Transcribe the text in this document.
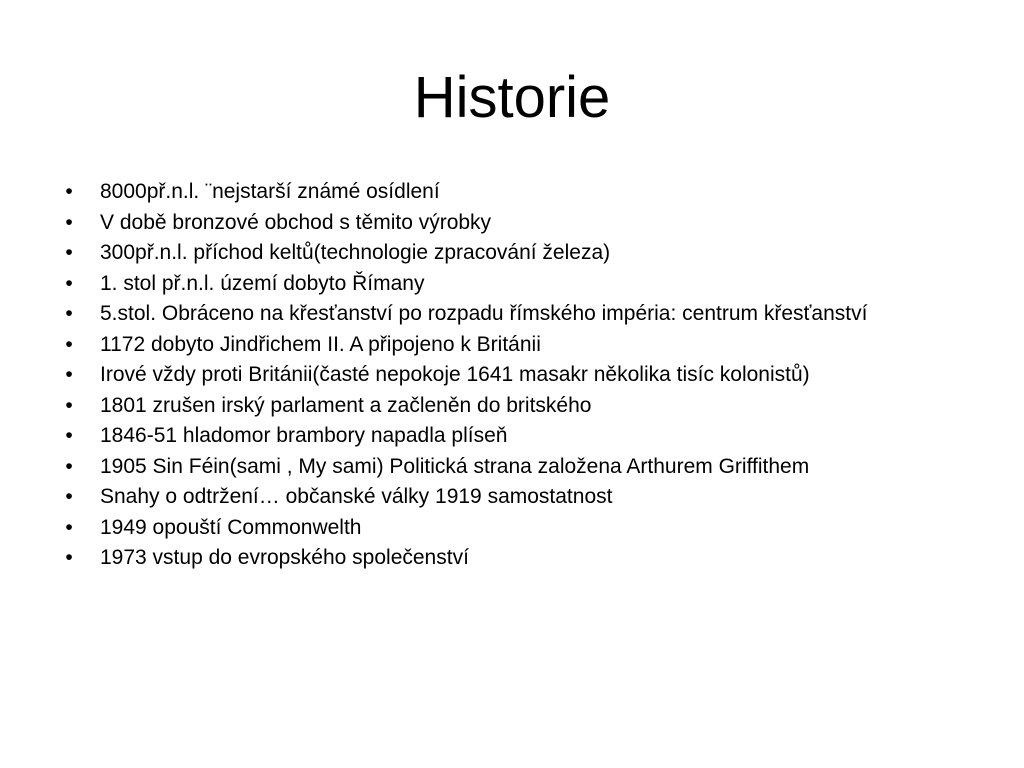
Historie
• 8000př.n.l. ¨nejstarší známé osídlení
• V době bronzové obchod s těmito výrobky
• 300př.n.l. příchod keltů(technologie zpracování železa)
• 1. stol př.n.l. území dobyto Římany
• 5.stol. Obráceno na křesťanství po rozpadu římského impéria: centrum křesťanství
• 1172 dobyto Jindřichem II. A připojeno k Británii
• Irové vždy proti Británii(časté nepokoje 1641 masakr několika tisíc kolonistů)
• 1801 zrušen irský parlament a začleněn do britského
• 1846-51 hladomor brambory napadla plíseň
• 1905 Sin Féin(sami , My sami) Politická strana založena Arthurem Griffithem
• Snahy o odtržení… občanské války 1919 samostatnost
• 1949 opouští Commonwelth
• 1973 vstup do evropského společenství
